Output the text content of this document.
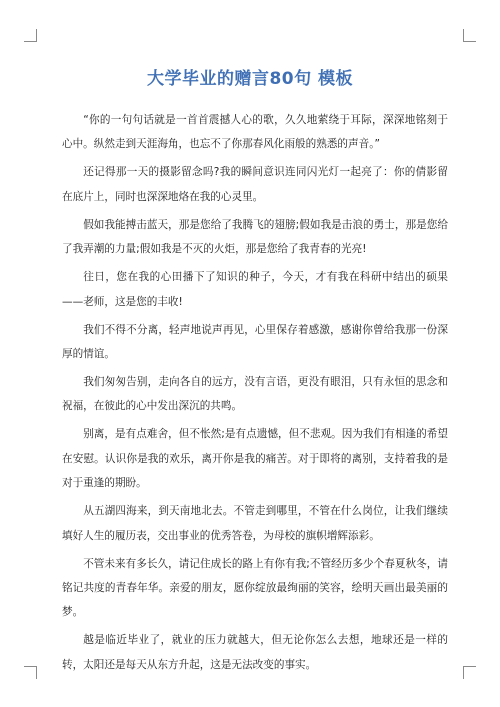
大学毕业的赠言80句 模板

“你的一句句话就是一首首震撼人心的歌，久久地萦绕于耳际，深深地铭刻于心中。纵然走到天涯海角，也忘不了你那春风化雨般的熟悉的声音。”

还记得那一天的摄影留念吗?我的瞬间意识连同闪光灯一起亮了：你的倩影留在底片上，同时也深深地烙在我的心灵里。

假如我能搏击蓝天，那是您给了我腾飞的翅膀;假如我是击浪的勇士，那是您给了我弄潮的力量;假如我是不灭的火炬，那是您给了我青春的光亮!

往日，您在我的心田播下了知识的种子，今天，才有我在科研中结出的硕果——老师，这是您的丰收!

我们不得不分离，轻声地说声再见，心里保存着感激，感谢你曾给我那一份深厚的情谊。

我们匆匆告别，走向各自的远方，没有言语，更没有眼泪，只有永恒的思念和祝福，在彼此的心中发出深沉的共鸣。

别离，是有点难舍，但不怅然;是有点遗憾，但不悲观。因为我们有相逢的希望在安慰。认识你是我的欢乐，离开你是我的痛苦。对于即将的离别，支持着我的是对于重逢的期盼。

从五湖四海来，到天南地北去。不管走到哪里，不管在什么岗位，让我们继续填好人生的履历表，交出事业的优秀答卷，为母校的旗帜增辉添彩。

不管未来有多长久，请记住成长的路上有你有我;不管经历多少个春夏秋冬，请铭记共度的青春年华。亲爱的朋友，愿你绽放最绚丽的笑容，绘明天画出最美丽的梦。

越是临近毕业了，就业的压力就越大，但无论你怎么去想，地球还是一样的转，太阳还是每天从东方升起，这是无法改变的事实。
